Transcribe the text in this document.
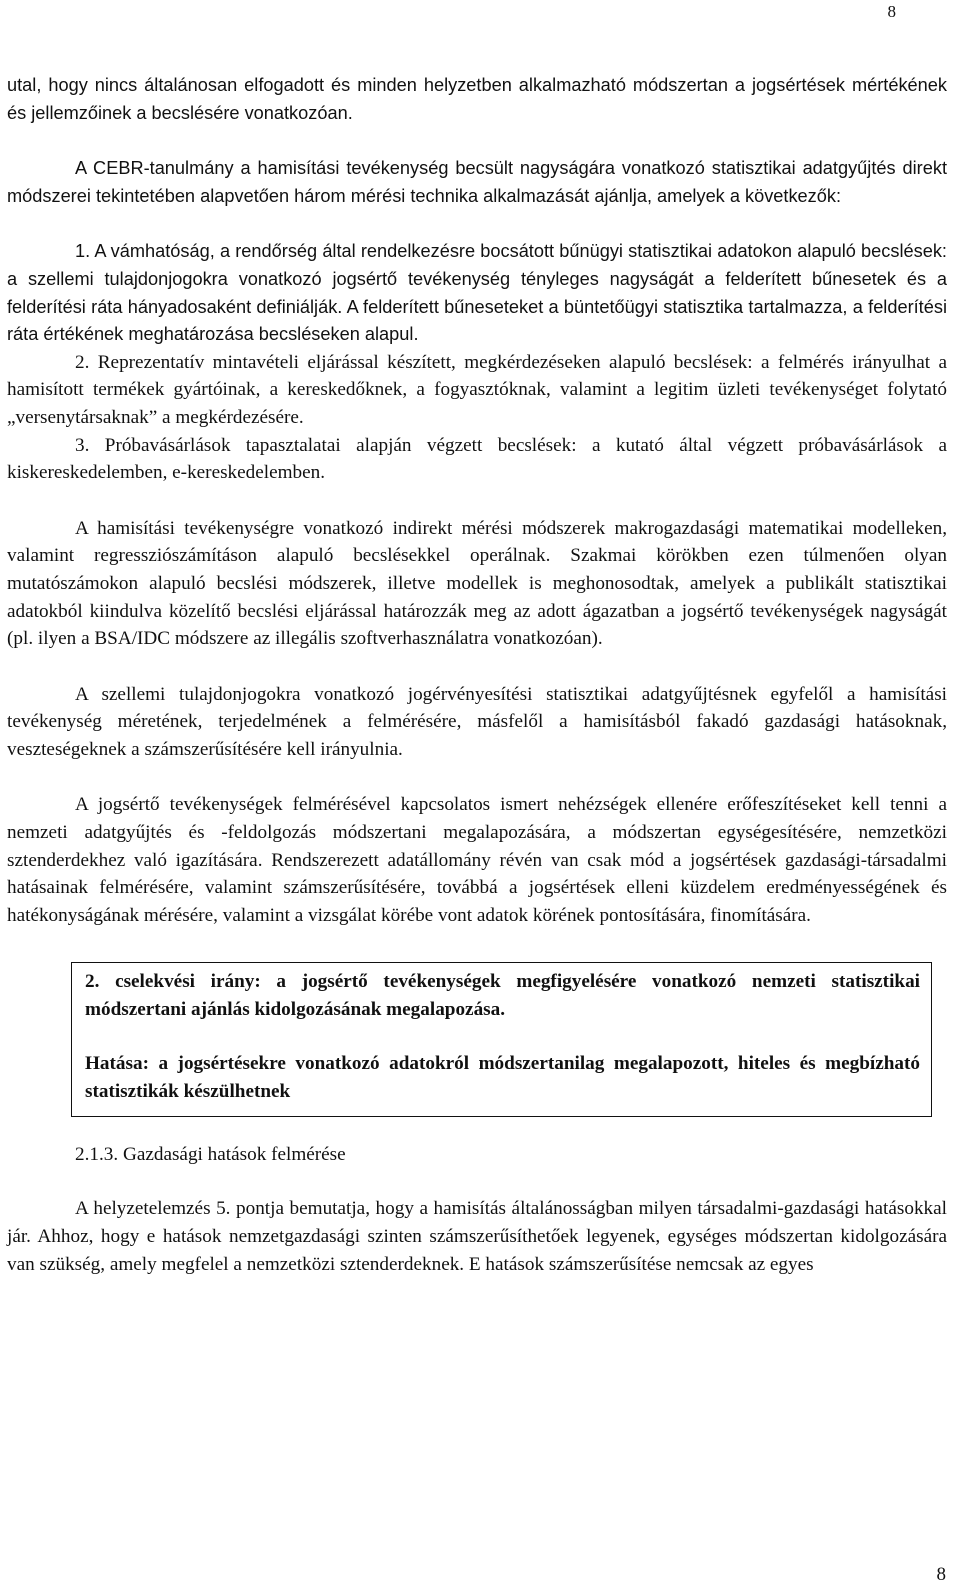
8

utal, hogy nincs általánosan elfogadott és minden helyzetben alkalmazható módszertan a jogsértések mértékének és jellemzőinek a becslésére vonatkozóan.

A CEBR-tanulmány a hamisítási tevékenység becsült nagyságára vonatkozó statisztikai adatgyűjtés direkt módszerei tekintetében alapvetően három mérési technika alkalmazását ajánlja, amelyek a következők:

1. A vámhatóság, a rendőrség által rendelkezésre bocsátott bűnügyi statisztikai adatokon alapuló becslések: a szellemi tulajdonjogokra vonatkozó jogsértő tevékenység tényleges nagyságát a felderített bűnesetek és a felderítési ráta hányadosaként definiálják. A felderített bűneseteket a büntetőügyi statisztika tartalmazza, a felderítési ráta értékének meghatározása becsléseken alapul.

2. Reprezentatív mintavételi eljárással készített, megkérdezéseken alapuló becslések: a felmérés irányulhat a hamisított termékek gyártóinak, a kereskedőknek, a fogyasztóknak, valamint a legitim üzleti tevékenységet folytató „versenytársaknak” a megkérdezésére.

3. Próbavásárlások tapasztalatai alapján végzett becslések: a kutató által végzett próbavásárlások a kiskereskedelemben, e-kereskedelemben.

A hamisítási tevékenységre vonatkozó indirekt mérési módszerek makrogazdasági matematikai modelleken, valamint regressziószámításon alapuló becslésekkel operálnak. Szakmai körökben ezen túlmenően olyan mutatószámokon alapuló becslési módszerek, illetve modellek is meghonosodtak, amelyek a publikált statisztikai adatokból kiindulva közelítő becslési eljárással határozzák meg az adott ágazatban a jogsértő tevékenységek nagyságát (pl. ilyen a BSA/IDC módszere az illegális szoftverhasználatra vonatkozóan).

A szellemi tulajdonjogokra vonatkozó jogérvényesítési statisztikai adatgyűjtésnek egyfelől a hamisítási tevékenység méretének, terjedelmének a felmérésére, másfelől a hamisításból fakadó gazdasági hatásoknak, veszteségeknek a számszerűsítésére kell irányulnia.

A jogsértő tevékenységek felmérésével kapcsolatos ismert nehézségek ellenére erőfeszítéseket kell tenni a nemzeti adatgyűjtés és -feldolgozás módszertani megalapozására, a módszertan egységesítésére, nemzetközi sztenderdekhez való igazítására. Rendszerezett adatállomány révén van csak mód a jogsértések gazdasági-társadalmi hatásainak felmérésére, valamint számszerűsítésére, továbbá a jogsértések elleni küzdelem eredményességének és hatékonyságának mérésére, valamint a vizsgálat körébe vont adatok körének pontosítására, finomítására.

2. cselekvési irány: a jogsértő tevékenységek megfigyelésére vonatkozó nemzeti statisztikai módszertani ajánlás kidolgozásának megalapozása.

Hatása: a jogsértésekre vonatkozó adatokról módszertanilag megalapozott, hiteles és megbízható statisztikák készülhetnek

2.1.3. Gazdasági hatások felmérése

A helyzetelemzés 5. pontja bemutatja, hogy a hamisítás általánosságban milyen társadalmi-gazdasági hatásokkal jár. Ahhoz, hogy e hatások nemzetgazdasági szinten számszerűsíthetőek legyenek, egységes módszertan kidolgozására van szükség, amely megfelel a nemzetközi sztenderdeknek. E hatások számszerűsítése nemcsak az egyes

8
